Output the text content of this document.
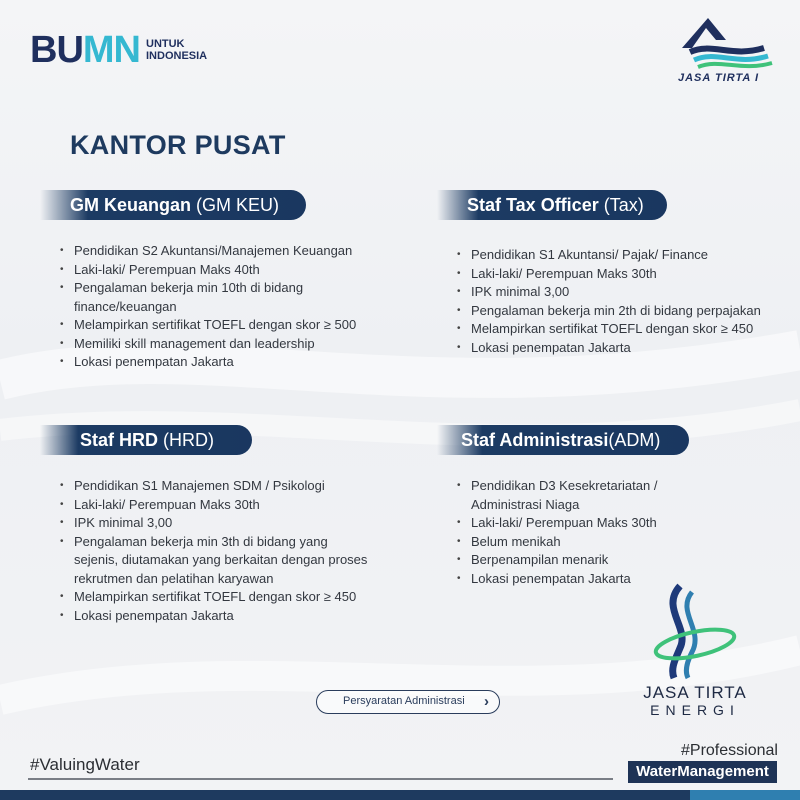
BUMN UNTUK
INDONESIA
JASA TIRTA I
KANTOR PUSAT
GM Keuangan (GM KEU)
• Pendidikan S2 Akuntansi/Manajemen Keuangan
• Laki-laki/ Perempuan Maks 40th
• Pengalaman bekerja min 10th di bidang finance/keuangan
• Melampirkan sertifikat TOEFL dengan skor ≥ 500
• Memiliki skill management dan leadership
• Lokasi penempatan Jakarta
Staf Tax Officer (Tax)
• Pendidikan S1 Akuntansi/ Pajak/ Finance
• Laki-laki/ Perempuan Maks 30th
• IPK minimal 3,00
• Pengalaman bekerja min 2th di bidang perpajakan
• Melampirkan sertifikat TOEFL dengan skor ≥ 450
• Lokasi penempatan Jakarta
Staf HRD (HRD)
• Pendidikan S1 Manajemen SDM / Psikologi
• Laki-laki/ Perempuan Maks 30th
• IPK minimal 3,00
• Pengalaman bekerja min 3th di bidang yang sejenis, diutamakan yang berkaitan dengan proses rekrutmen dan pelatihan karyawan
• Melampirkan sertifikat TOEFL dengan skor ≥ 450
• Lokasi penempatan Jakarta
Staf Administrasi(ADM)
• Pendidikan D3 Kesekretariatan / Administrasi Niaga
• Laki-laki/ Perempuan Maks 30th
• Belum menikah
• Berpenampilan menarik
• Lokasi penempatan Jakarta
Persyaratan Administrasi ›	JASA TIRTA
ENERGI
#ValuingWater
#Professional
WaterManagement
